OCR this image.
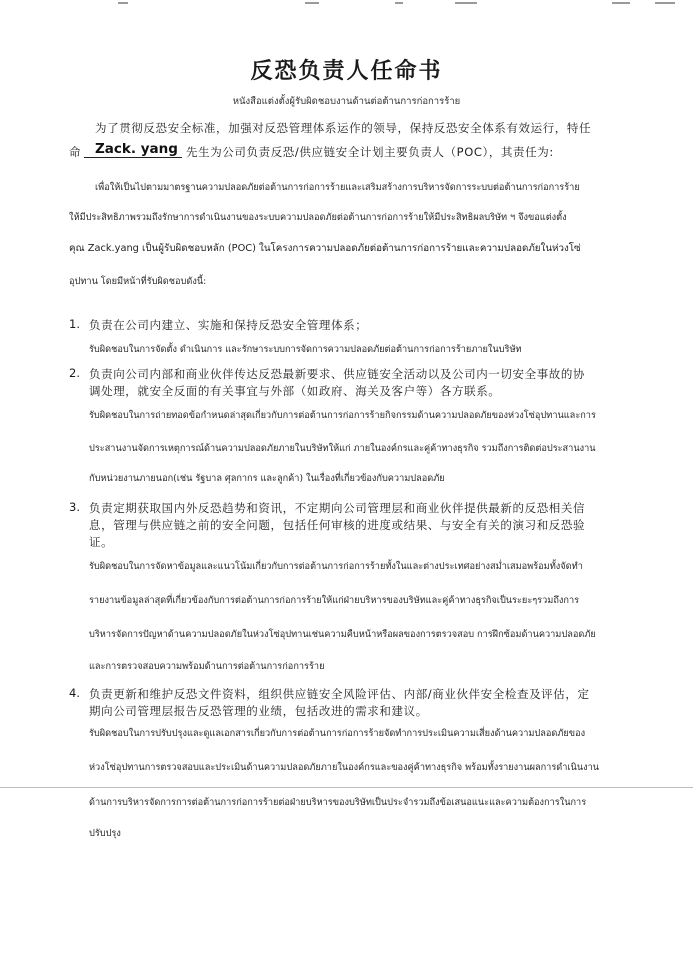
反恐负责人任命书
หนังสือแต่งตั้งผู้รับผิดชอบงานด้านต่อต้านการก่อการร้าย
为了贯彻反恐安全标准，加强对反恐管理体系运作的领导，保持反恐安全体系有效运行，特任
命 Zack. yang 先生为公司负责反恐/供应链安全计划主要负责人（POC），其责任为:
เพื่อให้เป็นไปตามมาตรฐานความปลอดภัยต่อต้านการก่อการร้ายและเสริมสร้างการบริหารจัดการระบบต่อต้านการก่อการร้าย
ให้มีประสิทธิภาพรวมถึงรักษาการดำเนินงานของระบบความปลอดภัยต่อต้านการก่อการร้ายให้มีประสิทธิผลบริษัท ฯ จึงขอแต่งตั้ง
คุณ Zack.yang เป็นผู้รับผิดชอบหลัก (POC) ในโครงการความปลอดภัยต่อต้านการก่อการร้ายและความปลอดภัยในห่วงโซ่
อุปทาน โดยมีหน้าที่รับผิดชอบดังนี้:
1. 负责在公司内建立、实施和保持反恐安全管理体系；
รับผิดชอบในการจัดตั้ง ดำเนินการ และรักษาระบบการจัดการความปลอดภัยต่อต้านการก่อการร้ายภายในบริษัท
2. 负责向公司内部和商业伙伴传达反恐最新要求、供应链安全活动以及公司内一切安全事故的协
调处理，就安全反面的有关事宜与外部（如政府、海关及客户等）各方联系。
รับผิดชอบในการถ่ายทอดข้อกำหนดล่าสุดเกี่ยวกับการต่อต้านการก่อการร้ายกิจกรรมด้านความปลอดภัยของห่วงโซ่อุปทานและการ
ประสานงานจัดการเหตุการณ์ด้านความปลอดภัยภายในบริษัทให้แก่ ภายในองค์กรและคู่ค้าทางธุรกิจ รวมถึงการติดต่อประสานงาน
กับหน่วยงานภายนอก(เช่น รัฐบาล ศุลกากร และลูกค้า) ในเรื่องที่เกี่ยวข้องกับความปลอดภัย
3. 负责定期获取国内外反恐趋势和资讯，不定期向公司管理层和商业伙伴提供最新的反恐相关信
息，管理与供应链之前的安全问题，包括任何审核的进度或结果、与安全有关的演习和反恐验
证。
รับผิดชอบในการจัดหาข้อมูลและแนวโน้มเกี่ยวกับการต่อต้านการก่อการร้ายทั้งในและต่างประเทศอย่างสม่ำเสมอพร้อมทั้งจัดทำ
รายงานข้อมูลล่าสุดที่เกี่ยวข้องกับการต่อต้านการก่อการร้ายให้แก่ฝ่ายบริหารของบริษัทและคู่ค้าทางธุรกิจเป็นระยะๆรวมถึงการ
บริหารจัดการปัญหาด้านความปลอดภัยในห่วงโซ่อุปทานเช่นความคืบหน้าหรือผลของการตรวจสอบ การฝึกซ้อมด้านความปลอดภัย
และการตรวจสอบความพร้อมด้านการต่อต้านการก่อการร้าย
4. 负责更新和维护反恐文件资料，组织供应链安全风险评估、内部/商业伙伴安全检查及评估，定
期向公司管理层报告反恐管理的业绩，包括改进的需求和建议。
รับผิดชอบในการปรับปรุงและดูแลเอกสารเกี่ยวกับการต่อต้านการก่อการร้ายจัดทำการประเมินความเสี่ยงด้านความปลอดภัยของ
ห่วงโซ่อุปทานการตรวจสอบและประเมินด้านความปลอดภัยภายในองค์กรและของคู่ค้าทางธุรกิจ พร้อมทั้งรายงานผลการดำเนินงาน
ด้านการบริหารจัดการการต่อต้านการก่อการร้ายต่อฝ่ายบริหารของบริษัทเป็นประจำรวมถึงข้อเสนอแนะและความต้องการในการ
ปรับปรุง
